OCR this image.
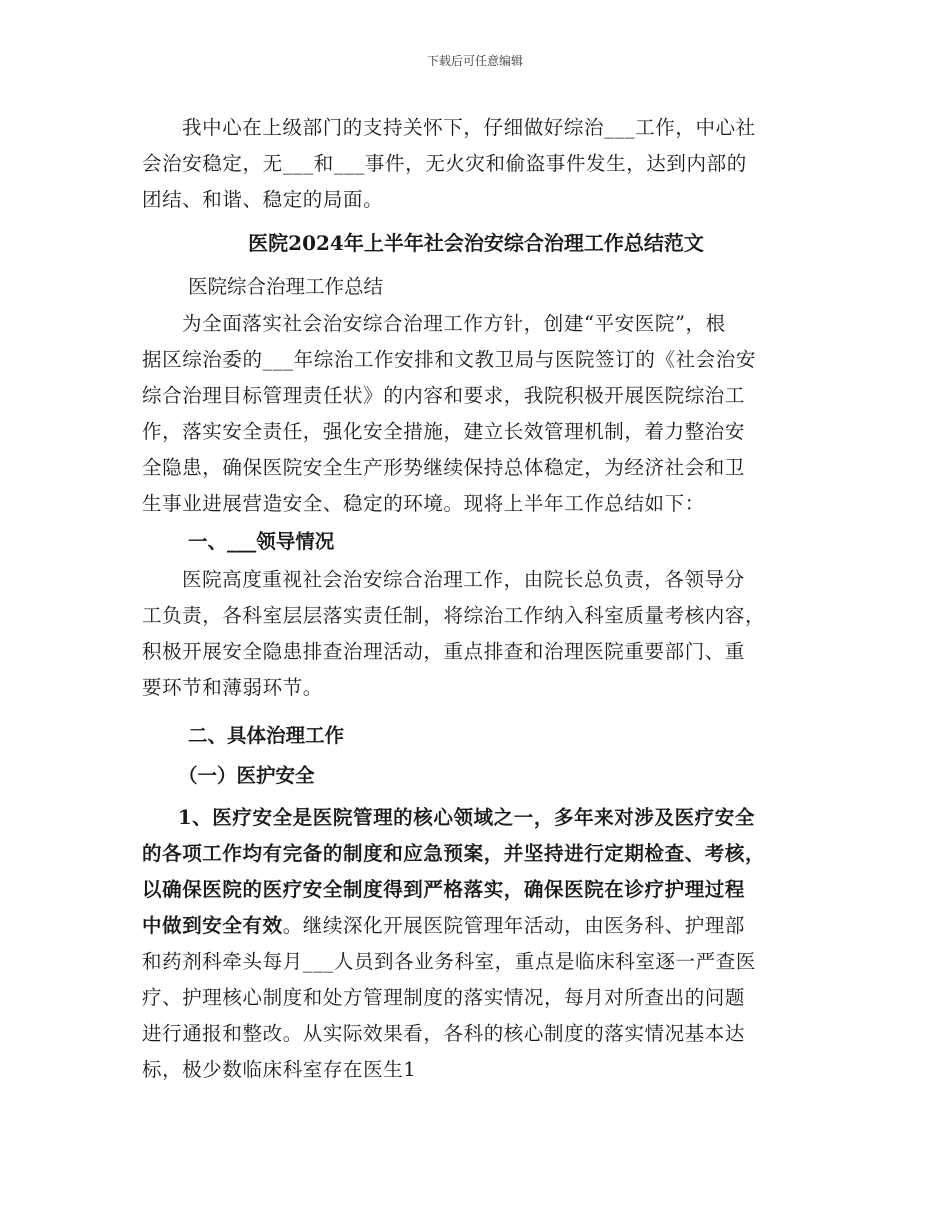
下载后可任意编辑
我中心在上级部门的支持关怀下，仔细做好综治___工作，中心社
会治安稳定，无___和___事件，无火灾和偷盗事件发生，达到内部的
团结、和谐、稳定的局面。
医院2024年上半年社会治安综合治理工作总结范文
医院综合治理工作总结
为全面落实社会治安综合治理工作方针，创建“平安医院”，根
据区综治委的___年综治工作安排和文教卫局与医院签订的《社会治安
综合治理目标管理责任状》的内容和要求，我院积极开展医院综治工
作，落实安全责任，强化安全措施，建立长效管理机制，着力整治安
全隐患，确保医院安全生产形势继续保持总体稳定，为经济社会和卫
生事业进展营造安全、稳定的环境。现将上半年工作总结如下：
一、___领导情况
医院高度重视社会治安综合治理工作，由院长总负责，各领导分
工负责，各科室层层落实责任制，将综治工作纳入科室质量考核内容，
积极开展安全隐患排查治理活动，重点排查和治理医院重要部门、重
要环节和薄弱环节。
二、具体治理工作
（一）医护安全
1、医疗安全是医院管理的核心领域之一，多年来对涉及医疗安全
的各项工作均有完备的制度和应急预案，并坚持进行定期检查、考核，
以确保医院的医疗安全制度得到严格落实，确保医院在诊疗护理过程
中做到安全有效。继续深化开展医院管理年活动，由医务科、护理部
和药剂科牵头每月___人员到各业务科室，重点是临床科室逐一严查医
疗、护理核心制度和处方管理制度的落实情况，每月对所查出的问题
进行通报和整改。从实际效果看，各科的核心制度的落实情况基本达
标，极少数临床科室存在医生1
